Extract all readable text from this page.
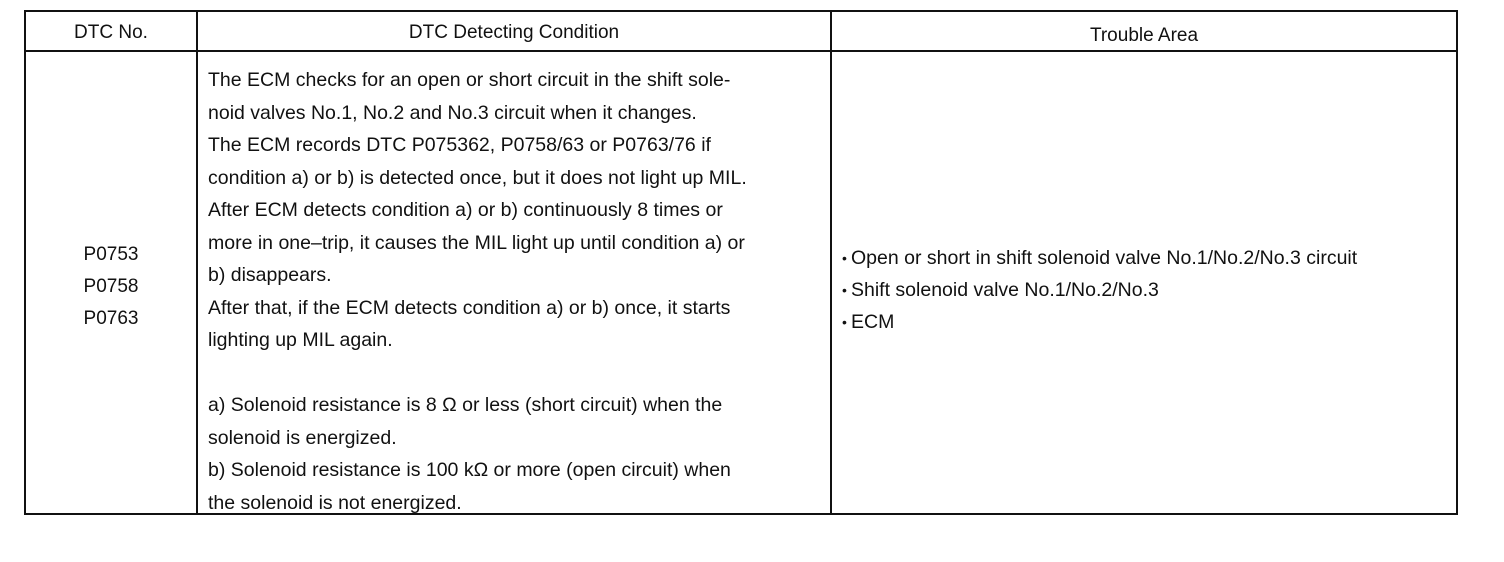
DTC No.	DTC Detecting Condition	Trouble Area
P0753
P0758
P0763
The ECM checks for an open or short circuit in the shift sole-
noid valves No.1, No.2 and No.3 circuit when it changes.
The ECM records DTC P075362, P0758/63 or P0763/76 if
condition a) or b) is detected once, but it does not light up MIL.
After ECM detects condition a) or b) continuously 8 times or
more in one–trip, it causes the MIL light up until condition a) or
b) disappears.
After that, if the ECM detects condition a) or b) once, it starts
lighting up MIL again.
a) Solenoid resistance is 8 Ω or less (short circuit) when the
solenoid is energized.
b) Solenoid resistance is 100 kΩ or more (open circuit) when
the solenoid is not energized.
• Open or short in shift solenoid valve No.1/No.2/No.3 circuit
• Shift solenoid valve No.1/No.2/No.3
• ECM
